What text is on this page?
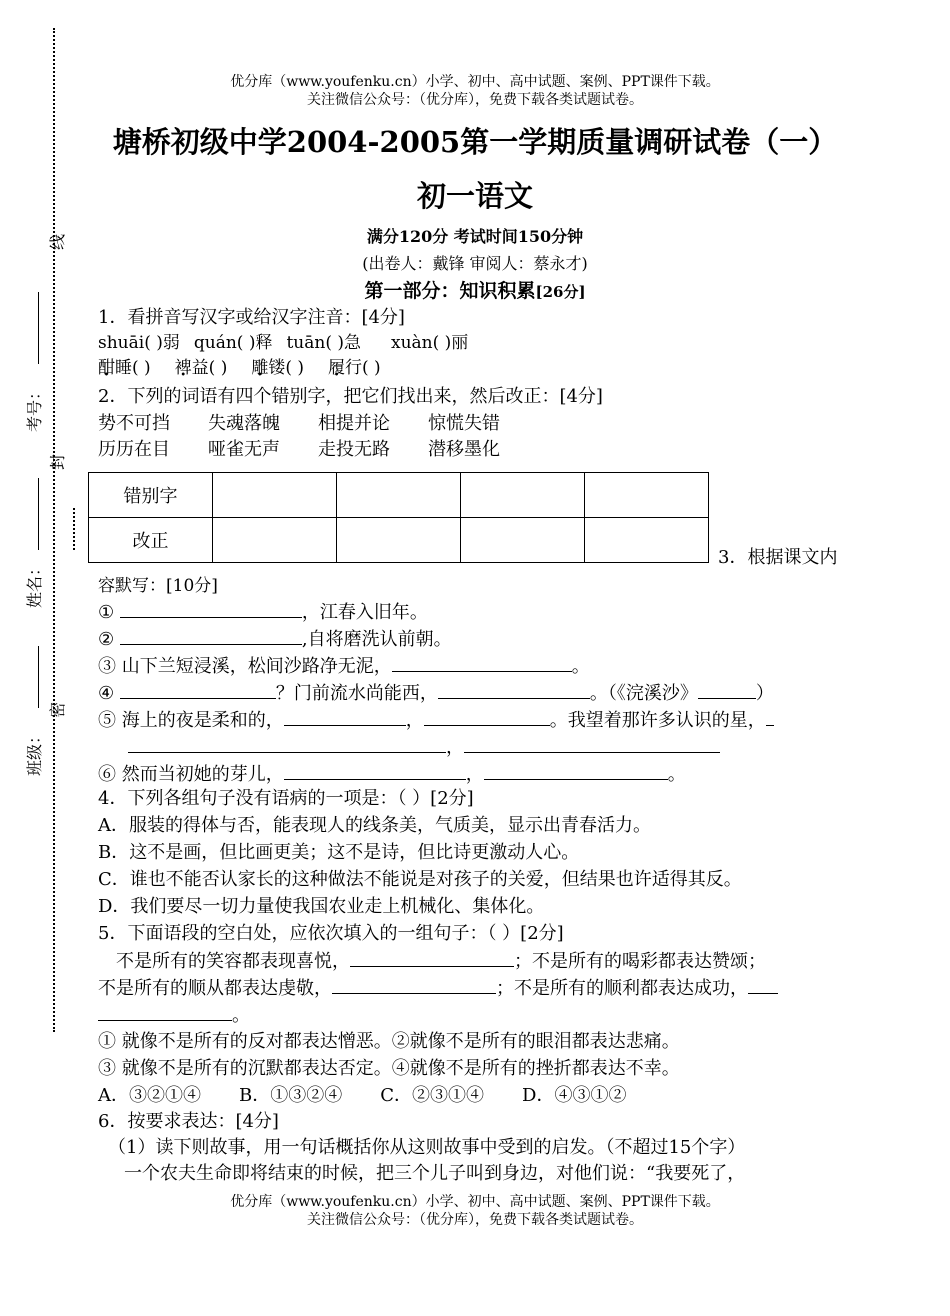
优分库（www.youfenku.cn）小学、初中、高中试题、案例、PPT课件下载。
关注微信公众号：（优分库），免费下载各类试题试卷。
线
考号：
封
姓名：
密
班级：
塘桥初级中学2004-2005第一学期质量调研试卷（一）
初一语文
满分120分 考试时间150分钟
(出卷人：戴锋 审阅人：蔡永才)
第一部分：知识积累[26分]
1．看拼音写汉字或给汉字注音：[4分]
shuāi( )弱 quán( )释 tuān( )急 xuàn( )丽
酣睡( ) 裨益( ) 雕镂( ) 履行( )
2．下列的词语有四个错别字，把它们找出来，然后改正：[4分]
势不可挡 失魂落魄 相提并论 惊慌失错
历历在目 哑雀无声 走投无路 潜移墨化
错别字				
改正				
3．根据课文内
容默写：[10分]
①	，江春入旧年。
②	,自将磨洗认前朝。
③ 山下兰短浸溪，松间沙路净无泥，	。
④	？门前流水尚能西，	。（《浣溪沙》	）
⑤ 海上的夜是柔和的，	，	。我望着那许多认识的星，
，
⑥ 然而当初她的芽儿，	，	。
4．下列各组句子没有语病的一项是：（ ）[2分]
A．服装的得体与否，能表现人的线条美，气质美，显示出青春活力。
B．这不是画，但比画更美；这不是诗，但比诗更激动人心。
C．谁也不能否认家长的这种做法不能说是对孩子的关爱，但结果也许适得其反。
D．我们要尽一切力量使我国农业走上机械化、集体化。
5．下面语段的空白处，应依次填入的一组句子：（ ）[2分]
不是所有的笑容都表现喜悦，	；不是所有的喝彩都表达赞颂；
不是所有的顺从都表达虔敬，	；不是所有的顺利都表达成功，
。
① 就像不是所有的反对都表达憎恶。②就像不是所有的眼泪都表达悲痛。
③ 就像不是所有的沉默都表达否定。④就像不是所有的挫折都表达不幸。
A．③②①④ B．①③②④ C．②③①④ D．④③①②
6．按要求表达：[4分]
（1）读下则故事，用一句话概括你从这则故事中受到的启发。（不超过15个字）
一个农夫生命即将结束的时候，把三个儿子叫到身边，对他们说：“我要死了，
优分库（www.youfenku.cn）小学、初中、高中试题、案例、PPT课件下载。
关注微信公众号：（优分库），免费下载各类试题试卷。
